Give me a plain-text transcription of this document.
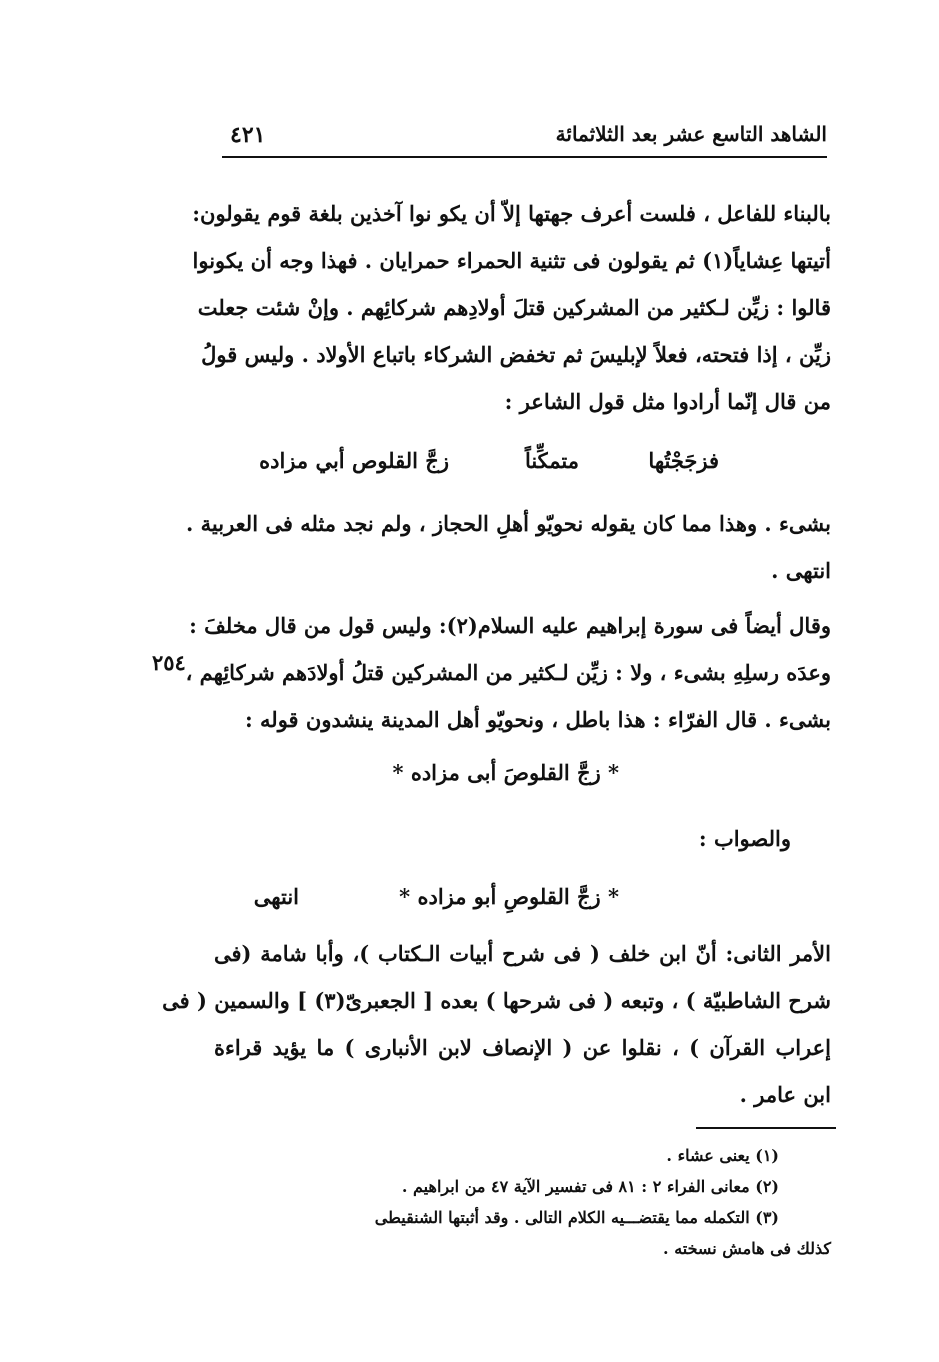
الشاهد التاسع عشر بعد الثلاثمائة
٤٢١
بالبناء للفاعل ، فلست أعرف جهتها إلاّ أن يكو نوا آخذين بلغة قوم يقولون:
أتيتها عِشاياً(١) ثم يقولون فى تثنية الحمراء حمرايان . فهذا وجه أن يكونوا
قالوا : زيِّن لـكثير من المشركين قتلَ أولادِهم شركائِهم . وإنْ شئت جعلت
زيِّن ، إذا فتحته، فعلاً لإبليسَ ثم تخفض الشركاء باتباع الأولاد . وليس قولُ
من قال إنّما أرادوا مثل قول الشاعر :
فزجَجْتُها
متمكِّناً
زجَّ القلوص أبي مزاده
بشىء . وهذا مما كان يقوله نحويّو أهلِ الحجاز ، ولم نجد مثله فى العربية .
انتهى .
وقال أيضاً فى سورة إبراهيم عليه السلام(٢): وليس قول من قال مخلفَ :
وعدَه رسلِهِ بشىء ، ولا : زيِّن لـكثير من المشركين قتلُ أولادَهم شركائِهم ،
بشىء . قال الفرّاء : هذا باطل ، ونحويّو أهل المدينة ينشدون قوله :
٢٥٤
* زجَّ القلوصَ أبى مزاده *
والصواب :
* زجَّ القلوصِ أبو مزاده *
انتهى
الأمر الثانى: أنّ ابن خلف ( فى شرح أبيات الـكتاب )، وأبا شامة (فى
شرح الشاطبيّة ) ، وتبعه ( فى شرحها ) بعده [ الجعبرىّ(٣) ] والسمين ( فى
إعراب القرآن ) ، نقلوا عن ( الإنصاف لابن الأنبارى ) ما يؤيد قراءة
ابن عامر .
(١) يعنى عشاء .
(٢) معانى الفراء ٢ : ٨١ فى تفسير الآية ٤٧ من ابراهيم .
(٣) التكمله مما يقتضـــيه الكلام التالى . وقد أثبتها الشنقيطى
كذلك فى هامش نسخته .
